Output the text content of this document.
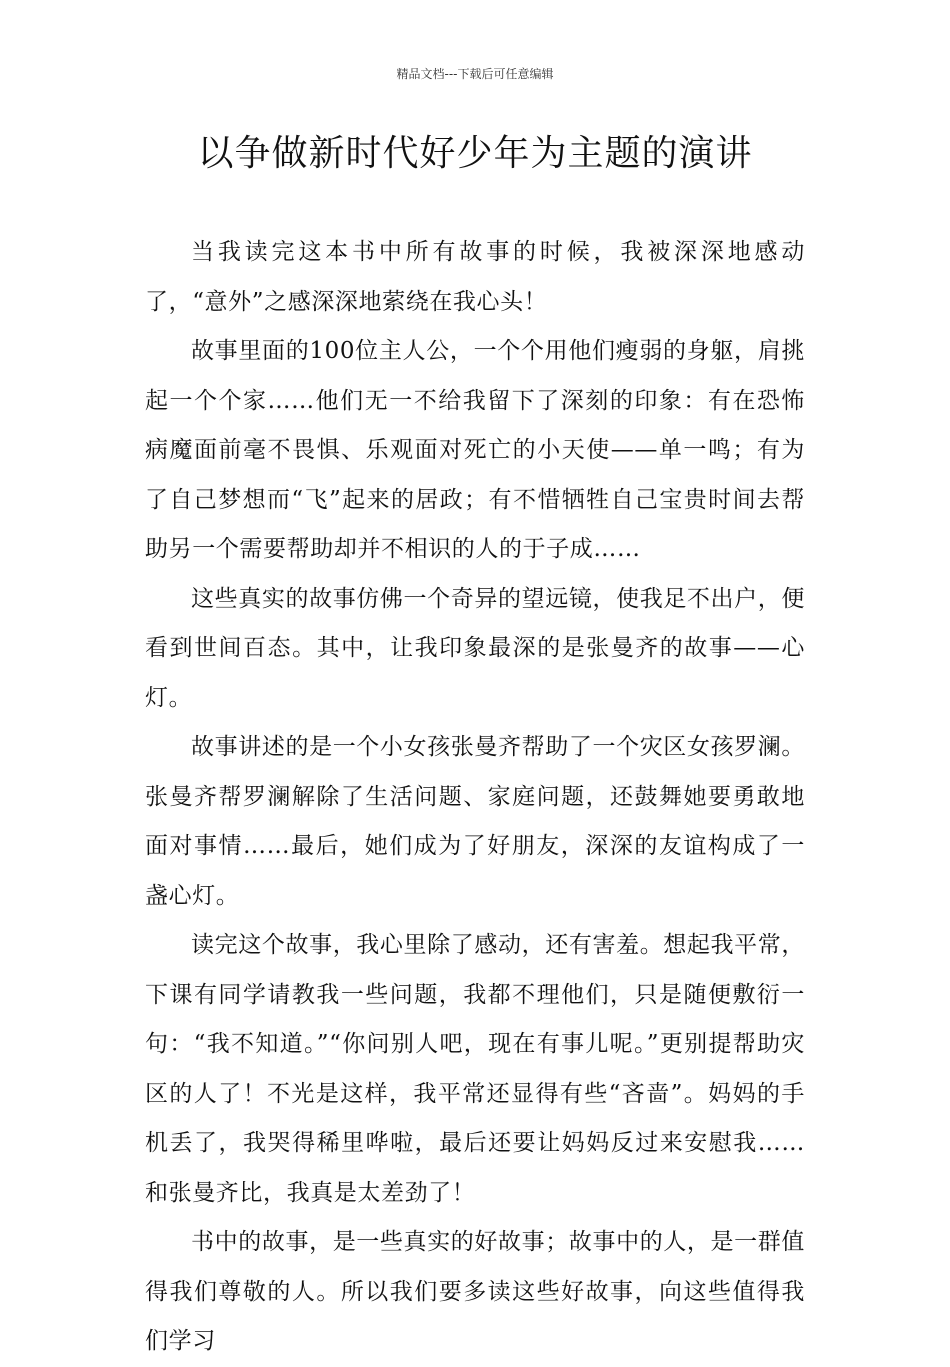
精品文档---下载后可任意编辑
以争做新时代好少年为主题的演讲

当我读完这本书中所有故事的时候，我被深深地感动了，“意外”之感深深地萦绕在我心头！

故事里面的100位主人公，一个个用他们瘦弱的身躯，肩挑起一个个家……他们无一不给我留下了深刻的印象：有在恐怖病魔面前毫不畏惧、乐观面对死亡的小天使——单一鸣；有为了自己梦想而“飞”起来的居政；有不惜牺牲自己宝贵时间去帮助另一个需要帮助却并不相识的人的于子成……

这些真实的故事仿佛一个奇异的望远镜，使我足不出户，便看到世间百态。其中，让我印象最深的是张曼齐的故事——心灯。

故事讲述的是一个小女孩张曼齐帮助了一个灾区女孩罗澜。张曼齐帮罗澜解除了生活问题、家庭问题，还鼓舞她要勇敢地面对事情……最后，她们成为了好朋友，深深的友谊构成了一盏心灯。

读完这个故事，我心里除了感动，还有害羞。想起我平常，下课有同学请教我一些问题，我都不理他们，只是随便敷衍一句：“我不知道。”“你问别人吧，现在有事儿呢。”更别提帮助灾区的人了！不光是这样，我平常还显得有些“吝啬”。妈妈的手机丢了，我哭得稀里哗啦，最后还要让妈妈反过来安慰我……和张曼齐比，我真是太差劲了！

书中的故事，是一些真实的好故事；故事中的人，是一群值得我们尊敬的人。所以我们要多读这些好故事，向这些值得我们学习
